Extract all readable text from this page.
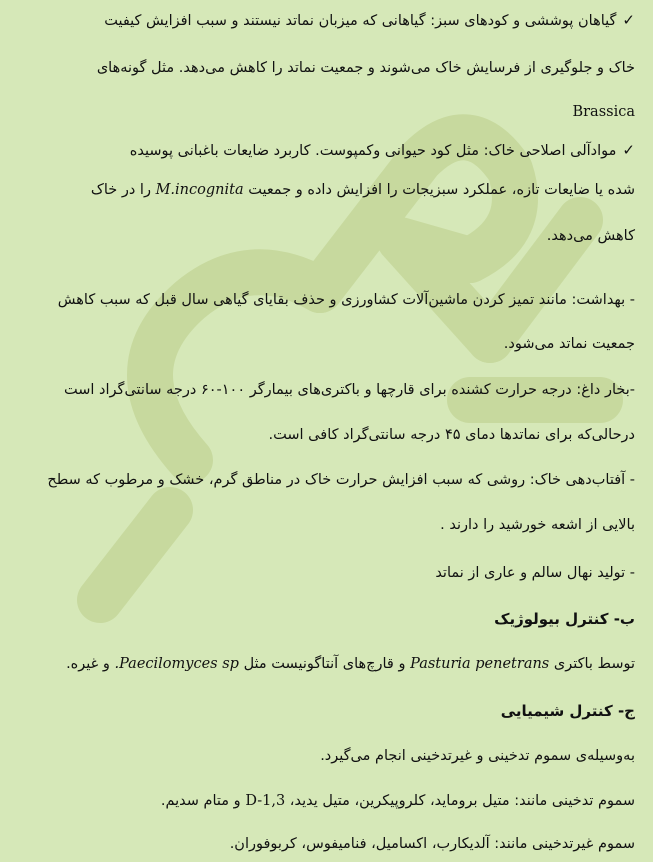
✓گیاهان پوششی و کودهای سبز: گیاهانی که میزبان نماتد نیستند و سبب افزایش کیفیت
خاک و جلوگیری از فرسایش خاک می‌شوند و جمعیت نماتد را کاهش می‌دهد. مثل گونه‌های
Brassica
✓موادآلی اصلاحی خاک: مثل کود حیوانی وکمپوست. کاربرد ضایعات باغبانی پوسیده
شده یا ضایعات تازه، عملکرد سبزیجات را افزایش داده و جمعیت M.incognita را در خاک
کاهش می‌دهد.
- بهداشت: مانند تمیز کردن ماشین‌آلات کشاورزی و حذف بقایای گیاهی سال قبل که سبب کاهش
جمعیت نماتد می‌شود.
-بخار داغ: درجه حرارت کشنده برای قارچها و باکتری‌های بیمارگر ۱۰۰-۶۰ درجه سانتی‌گراد است
درحالی‌که برای نماتدها دمای ۴۵ درجه سانتی‌گراد کافی است.
- آفتاب‌دهی خاک: روشی که سبب افزایش حرارت خاک در مناطق گرم، خشک و مرطوب که سطح
بالایی از اشعه خورشید را دارند .
- تولید نهال سالم و عاری از نماتد
ب- کنترل بیولوژیک
توسط باکتری Pasturia penetrans و قارچ‌های آنتاگونیست مثل Paecilomyces sp. و غیره.
ج- کنترل شیمیایی
به‌وسیله‌ی سموم تدخینی و غیرتدخینی انجام می‌گیرد.
سموم تدخینی مانند: متیل بروماید، کلروپیکرین، متیل یدید، D-1,3 و متام سدیم.
سموم غیرتدخینی مانند: آلدیکارب، اکسامیل، فنامیفوس، کربوفوران.
